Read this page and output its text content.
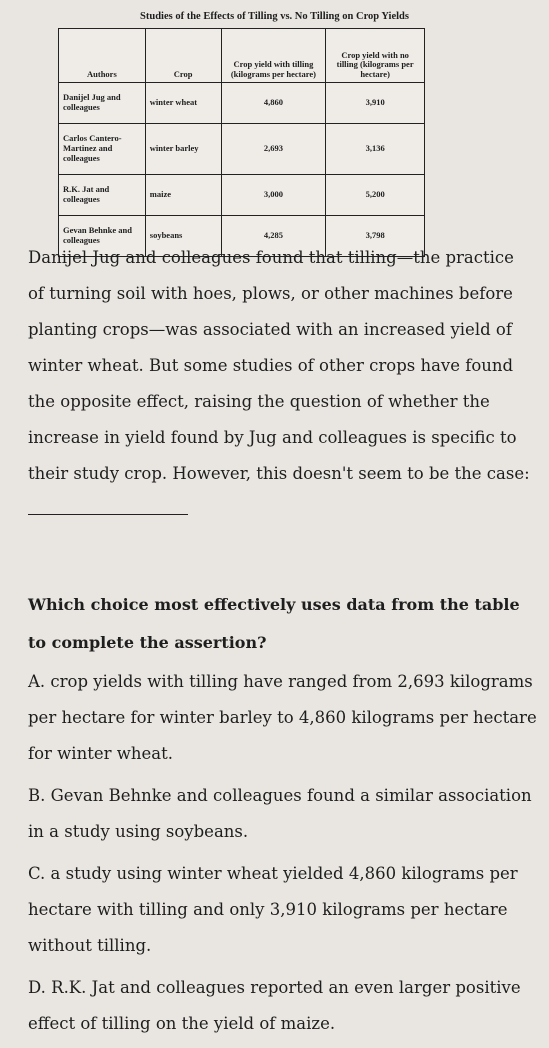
Studies of the Effects of Tilling vs. No Tilling on Crop Yields
Authors	Crop	Crop yield with tilling (kilograms per hectare)	Crop yield with no tilling (kilograms per hectare)
Danijel Jug and colleagues	winter wheat	4,860	3,910
Carlos Cantero-Martinez and colleagues	winter barley	2,693	3,136
R.K. Jat and colleagues	maize	3,000	5,200
Gevan Behnke and colleagues	soybeans	4,285	3,798

Danijel Jug and colleagues found that tilling—the practice of turning soil with hoes, plows, or other machines before planting crops—was associated with an increased yield of winter wheat. But some studies of other crops have found the opposite effect, raising the question of whether the increase in yield found by Jug and colleagues is specific to their study crop. However, this doesn't seem to be the case:

Which choice most effectively uses data from the table to complete the assertion?

A. crop yields with tilling have ranged from 2,693 kilograms per hectare for winter barley to 4,860 kilograms per hectare for winter wheat.
B. Gevan Behnke and colleagues found a similar association in a study using soybeans.
C. a study using winter wheat yielded 4,860 kilograms per hectare with tilling and only 3,910 kilograms per hectare without tilling.
D. R.K. Jat and colleagues reported an even larger positive effect of tilling on the yield of maize.
